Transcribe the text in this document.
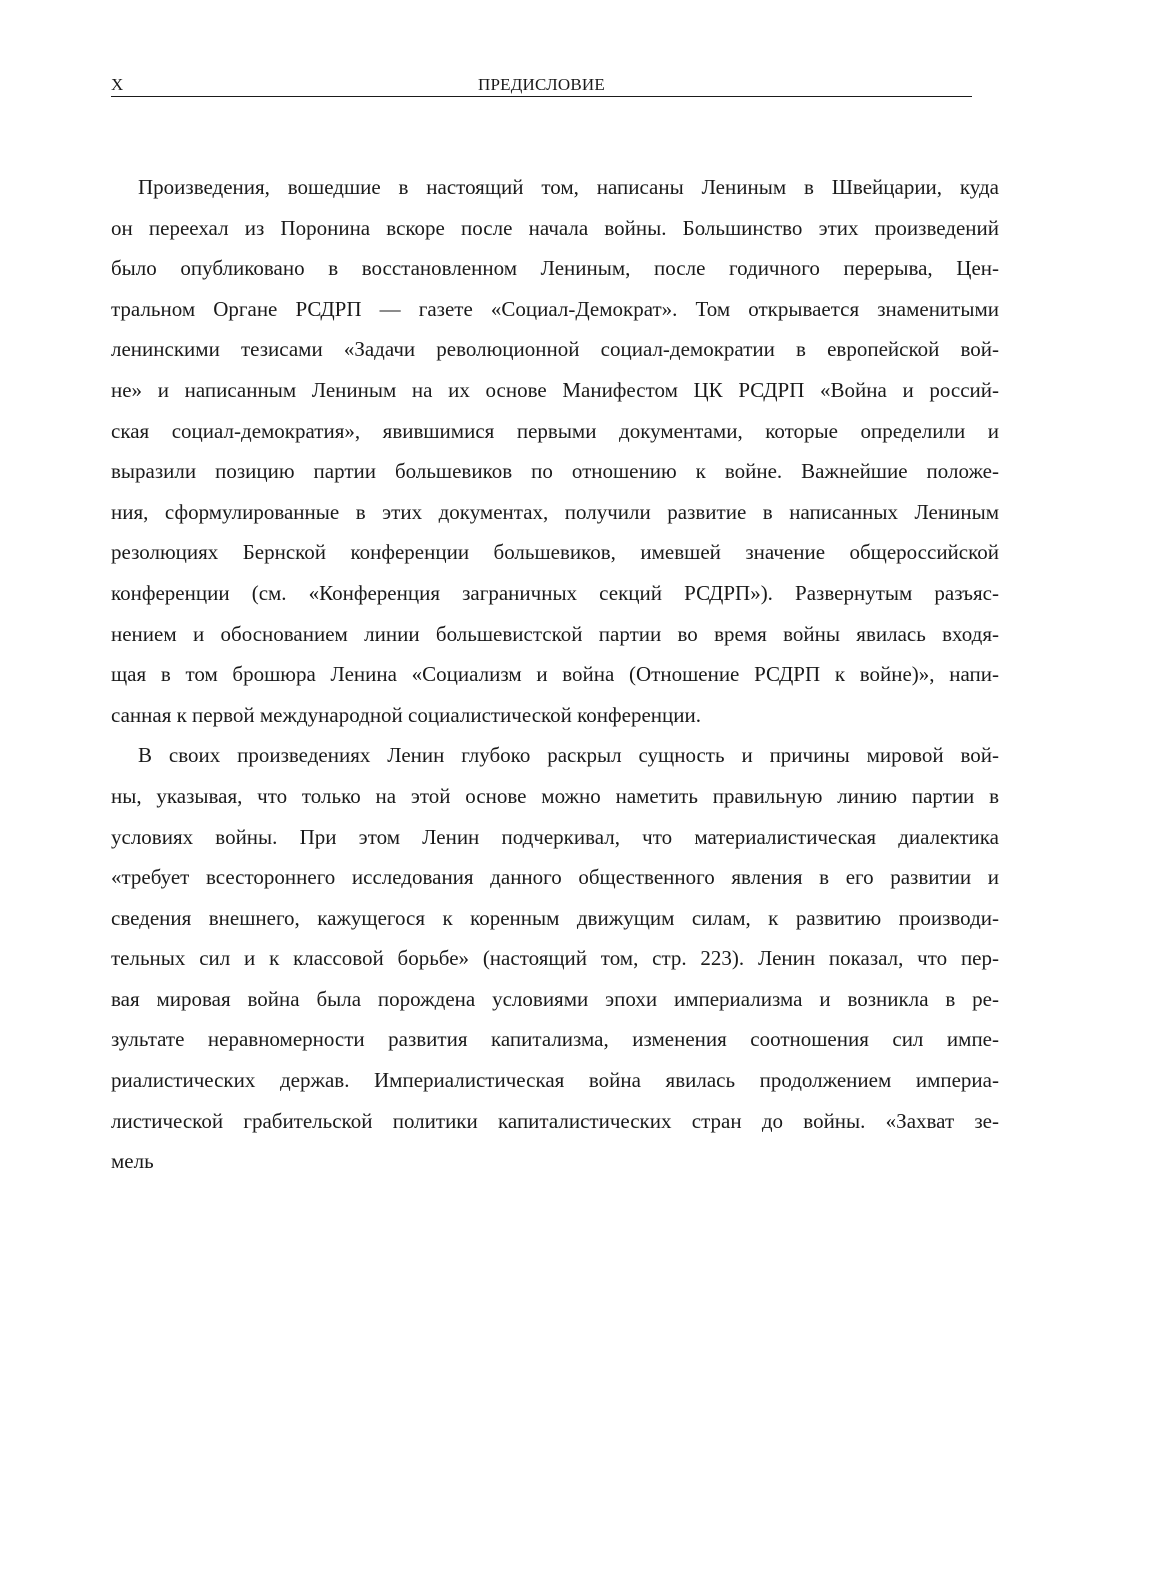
X	ПРЕДИСЛОВИЕ
Произведения, вошедшие в настоящий том, написаны Лениным в Швейцарии, куда
он переехал из Поронина вскоре после начала войны. Большинство этих произведений
было опубликовано в восстановленном Лениным, после годичного перерыва, Цен-
тральном Органе РСДРП — газете «Социал-Демократ». Том открывается знаменитыми
ленинскими тезисами «Задачи революционной социал-демократии в европейской вой-
не» и написанным Лениным на их основе Манифестом ЦК РСДРП «Война и россий-
ская социал-демократия», явившимися первыми документами, которые определили и
выразили позицию партии большевиков по отношению к войне. Важнейшие положе-
ния, сформулированные в этих документах, получили развитие в написанных Лениным
резолюциях Бернской конференции большевиков, имевшей значение общероссийской
конференции (см. «Конференция заграничных секций РСДРП»). Развернутым разъяс-
нением и обоснованием линии большевистской партии во время войны явилась входя-
щая в том брошюра Ленина «Социализм и война (Отношение РСДРП к войне)», напи-
санная к первой международной социалистической конференции.
В своих произведениях Ленин глубоко раскрыл сущность и причины мировой вой-
ны, указывая, что только на этой основе можно наметить правильную линию партии в
условиях войны. При этом Ленин подчеркивал, что материалистическая диалектика
«требует всестороннего исследования данного общественного явления в его развитии и
сведения внешнего, кажущегося к коренным движущим силам, к развитию производи-
тельных сил и к классовой борьбе» (настоящий том, стр. 223). Ленин показал, что пер-
вая мировая война была порождена условиями эпохи империализма и возникла в ре-
зультате неравномерности развития капитализма, изменения соотношения сил импе-
риалистических держав. Империалистическая война явилась продолжением империа-
листической грабительской политики капиталистических стран до войны. «Захват зе-
мель
